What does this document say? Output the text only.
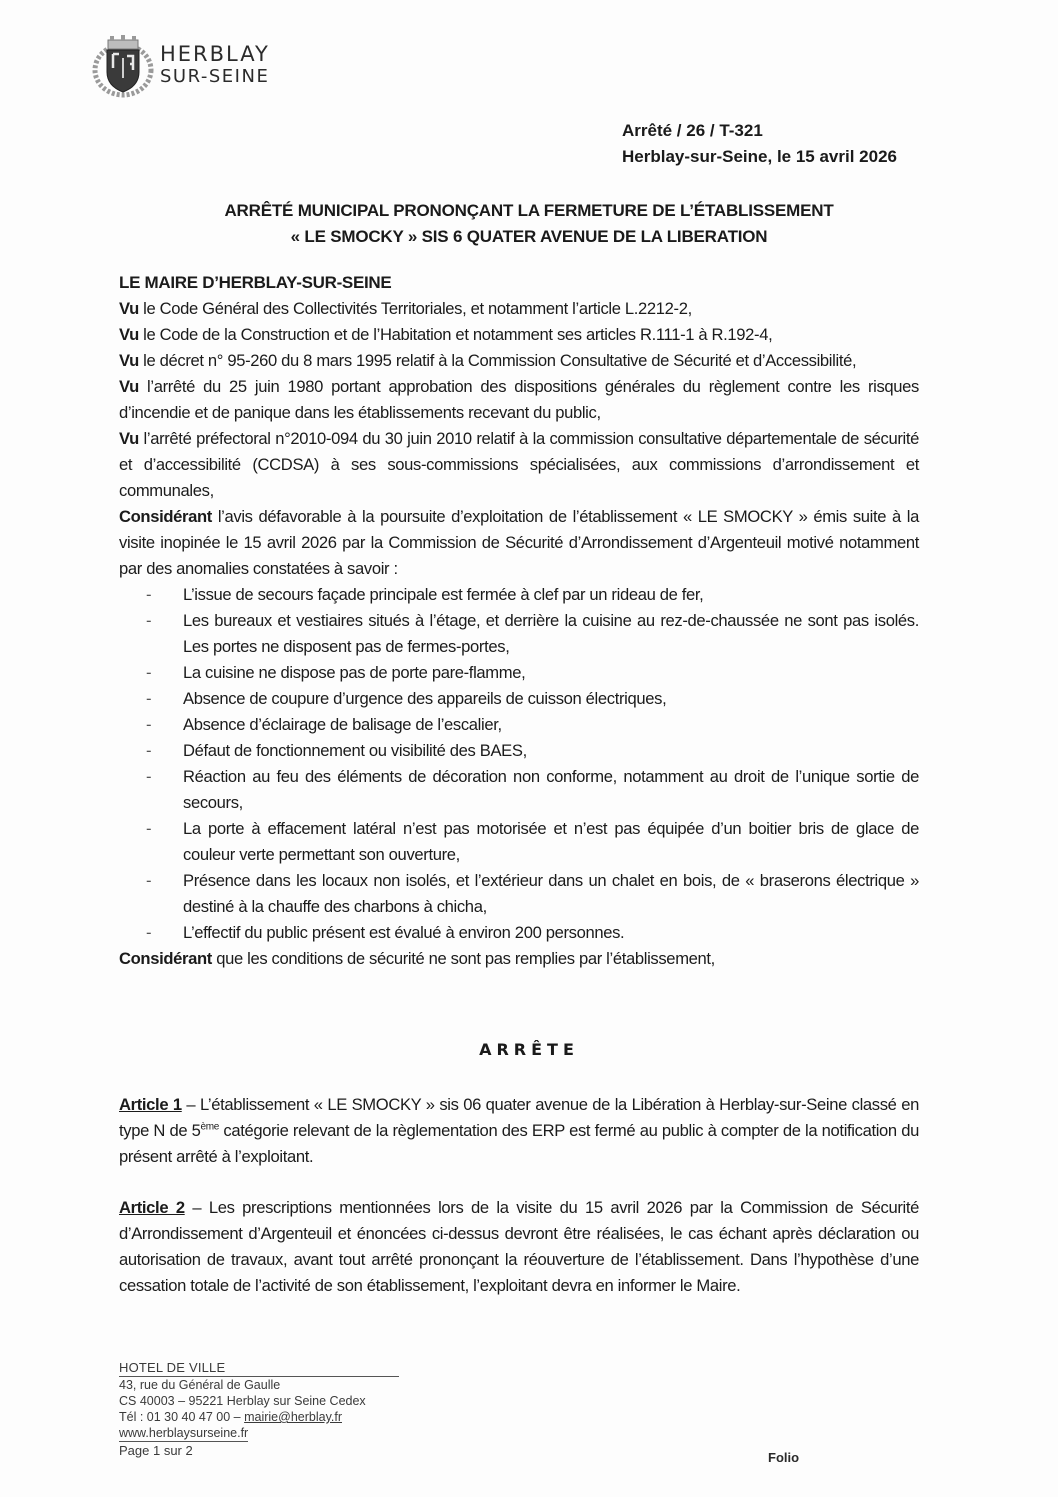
HERBLAY
SUR-SEINE
Arrêté / 26 / T-321
Herblay-sur-Seine, le 15 avril 2026
ARRÊTÉ MUNICIPAL PRONONÇANT LA FERMETURE DE L’ÉTABLISSEMENT
« LE SMOCKY » SIS 6 QUATER AVENUE DE LA LIBERATION

LE MAIRE D’HERBLAY-SUR-SEINE

Vu le Code Général des Collectivités Territoriales, et notamment l’article L.2212-2,

Vu le Code de la Construction et de l’Habitation et notamment ses articles R.111-1 à R.192-4,

Vu le décret n° 95-260 du 8 mars 1995 relatif à la Commission Consultative de Sécurité et d’Accessibilité,

Vu l’arrêté du 25 juin 1980 portant approbation des dispositions générales du règlement contre les risques d’incendie et de panique dans les établissements recevant du public,

Vu l’arrêté préfectoral n°2010-094 du 30 juin 2010 relatif à la commission consultative départementale de sécurité et d’accessibilité (CCDSA) à ses sous-commissions spécialisées, aux commissions d’arrondissement et communales,

Considérant l’avis défavorable à la poursuite d’exploitation de l’établissement « LE SMOCKY » émis suite à la visite inopinée le 15 avril 2026 par la Commission de Sécurité d’Arrondissement d’Argenteuil motivé notamment par des anomalies constatées à savoir :

- L’issue de secours façade principale est fermée à clef par un rideau de fer,
- Les bureaux et vestiaires situés à l’étage, et derrière la cuisine au rez-de-chaussée ne sont pas isolés. Les portes ne disposent pas de fermes-portes,
- La cuisine ne dispose pas de porte pare-flamme,
- Absence de coupure d’urgence des appareils de cuisson électriques,
- Absence d’éclairage de balisage de l’escalier,
- Défaut de fonctionnement ou visibilité des BAES,
- Réaction au feu des éléments de décoration non conforme, notamment au droit de l’unique sortie de secours,
- La porte à effacement latéral n’est pas motorisée et n’est pas équipée d’un boitier bris de glace de couleur verte permettant son ouverture,
- Présence dans les locaux non isolés, et l’extérieur dans un chalet en bois, de « braserons électrique » destiné à la chauffe des charbons à chicha,
- L’effectif du public présent est évalué à environ 200 personnes.

Considérant que les conditions de sécurité ne sont pas remplies par l’établissement,

ARRÊTE
Article 1 – L’établissement « LE SMOCKY » sis 06 quater avenue de la Libération à Herblay-sur-Seine classé en type N de 5ème catégorie relevant de la règlementation des ERP est fermé au public à compter de la notification du présent arrêté à l’exploitant.
Article 2 – Les prescriptions mentionnées lors de la visite du 15 avril 2026 par la Commission de Sécurité d’Arrondissement d’Argenteuil et énoncées ci-dessus devront être réalisées, le cas échant après déclaration ou autorisation de travaux, avant tout arrêté prononçant la réouverture de l’établissement. Dans l’hypothèse d’une cessation totale de l’activité de son établissement, l’exploitant devra en informer le Maire.
HOTEL DE VILLE
43, rue du Général de Gaulle
CS 40003 – 95221 Herblay sur Seine Cedex
Tél : 01 30 40 47 00 – mairie@herblay.fr
www.herblaysurseine.fr
Page 1 sur 2	Folio
